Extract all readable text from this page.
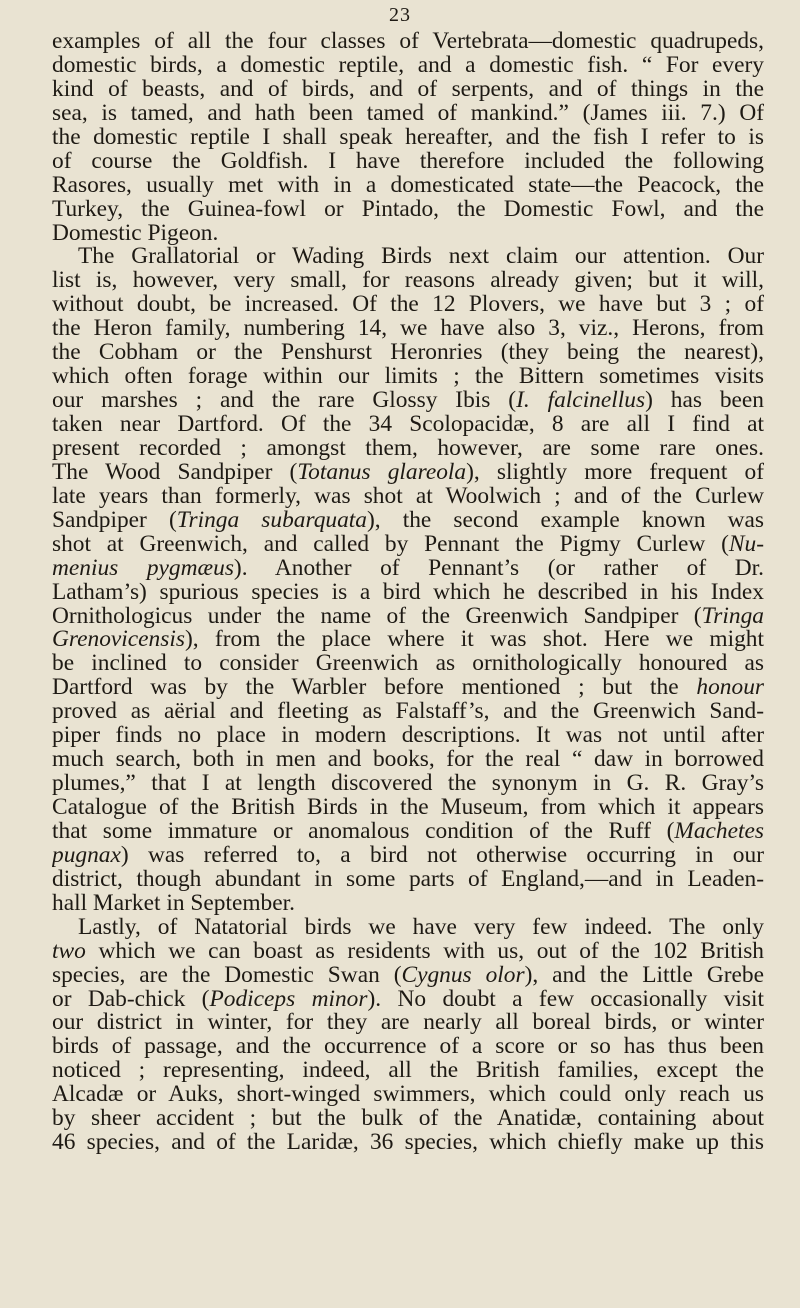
23
examples of all the four classes of Vertebrata—domestic quadrupeds,
domestic birds, a domestic reptile, and a domestic fish. “ For every
kind of beasts, and of birds, and of serpents, and of things in the
sea, is tamed, and hath been tamed of mankind.” (James iii. 7.) Of
the domestic reptile I shall speak hereafter, and the fish I refer to is
of course the Goldfish. I have therefore included the following
Rasores, usually met with in a domesticated state—the Peacock, the
Turkey, the Guinea-fowl or Pintado, the Domestic Fowl, and the
Domestic Pigeon.
The Grallatorial or Wading Birds next claim our attention. Our
list is, however, very small, for reasons already given; but it will,
without doubt, be increased. Of the 12 Plovers, we have but 3 ; of
the Heron family, numbering 14, we have also 3, viz., Herons, from
the Cobham or the Penshurst Heronries (they being the nearest),
which often forage within our limits ; the Bittern sometimes visits
our marshes ; and the rare Glossy Ibis (I. falcinellus) has been
taken near Dartford. Of the 34 Scolopacidæ, 8 are all I find at
present recorded ; amongst them, however, are some rare ones.
The Wood Sandpiper (Totanus glareola), slightly more frequent of
late years than formerly, was shot at Woolwich ; and of the Curlew
Sandpiper (Tringa subarquata), the second example known was
shot at Greenwich, and called by Pennant the Pigmy Curlew (Nu-
menius pygmæus). Another of Pennant’s (or rather of Dr.
Latham’s) spurious species is a bird which he described in his Index
Ornithologicus under the name of the Greenwich Sandpiper (Tringa
Grenovicensis), from the place where it was shot. Here we might
be inclined to consider Greenwich as ornithologically honoured as
Dartford was by the Warbler before mentioned ; but the honour
proved as aërial and fleeting as Falstaff’s, and the Greenwich Sand-
piper finds no place in modern descriptions. It was not until after
much search, both in men and books, for the real “ daw in borrowed
plumes,” that I at length discovered the synonym in G. R. Gray’s
Catalogue of the British Birds in the Museum, from which it appears
that some immature or anomalous condition of the Ruff (Machetes
pugnax) was referred to, a bird not otherwise occurring in our
district, though abundant in some parts of England,—and in Leaden-
hall Market in September.
Lastly, of Natatorial birds we have very few indeed. The only
two which we can boast as residents with us, out of the 102 British
species, are the Domestic Swan (Cygnus olor), and the Little Grebe
or Dab-chick (Podiceps minor). No doubt a few occasionally visit
our district in winter, for they are nearly all boreal birds, or winter
birds of passage, and the occurrence of a score or so has thus been
noticed ; representing, indeed, all the British families, except the
Alcadæ or Auks, short-winged swimmers, which could only reach us
by sheer accident ; but the bulk of the Anatidæ, containing about
46 species, and of the Laridæ, 36 species, which chiefly make up this
